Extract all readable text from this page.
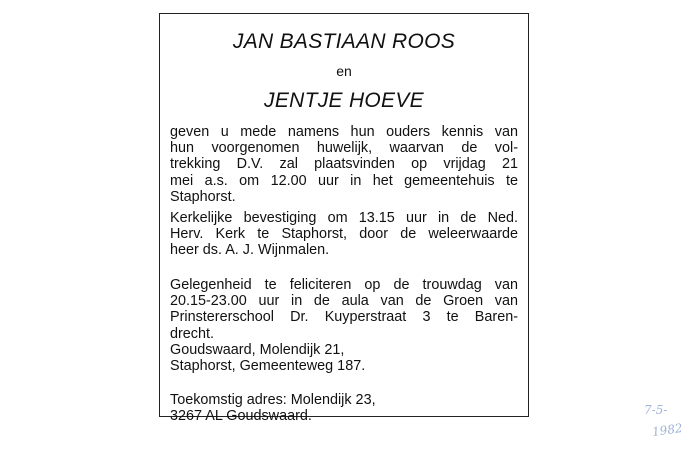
JAN BASTIAAN ROOS
en
JENTJE HOEVE

geven u mede namens hun ouders kennis van
hun voorgenomen huwelijk, waarvan de vol-
trekking D.V. zal plaatsvinden op vrijdag 21
mei a.s. om 12.00 uur in het gemeentehuis te
Staphorst.

Kerkelijke bevestiging om 13.15 uur in de Ned.
Herv. Kerk te Staphorst, door de weleerwaarde
heer ds. A. J. Wijnmalen.

Gelegenheid te feliciteren op de trouwdag van
20.15-23.00 uur in de aula van de Groen van
Prinstererschool Dr. Kuyperstraat 3 te Baren-
drecht.

Goudswaard, Molendijk 21,
Staphorst, Gemeenteweg 187.

Toekomstig adres: Molendijk 23,
3267 AL Goudswaard.	7-5-
1982
